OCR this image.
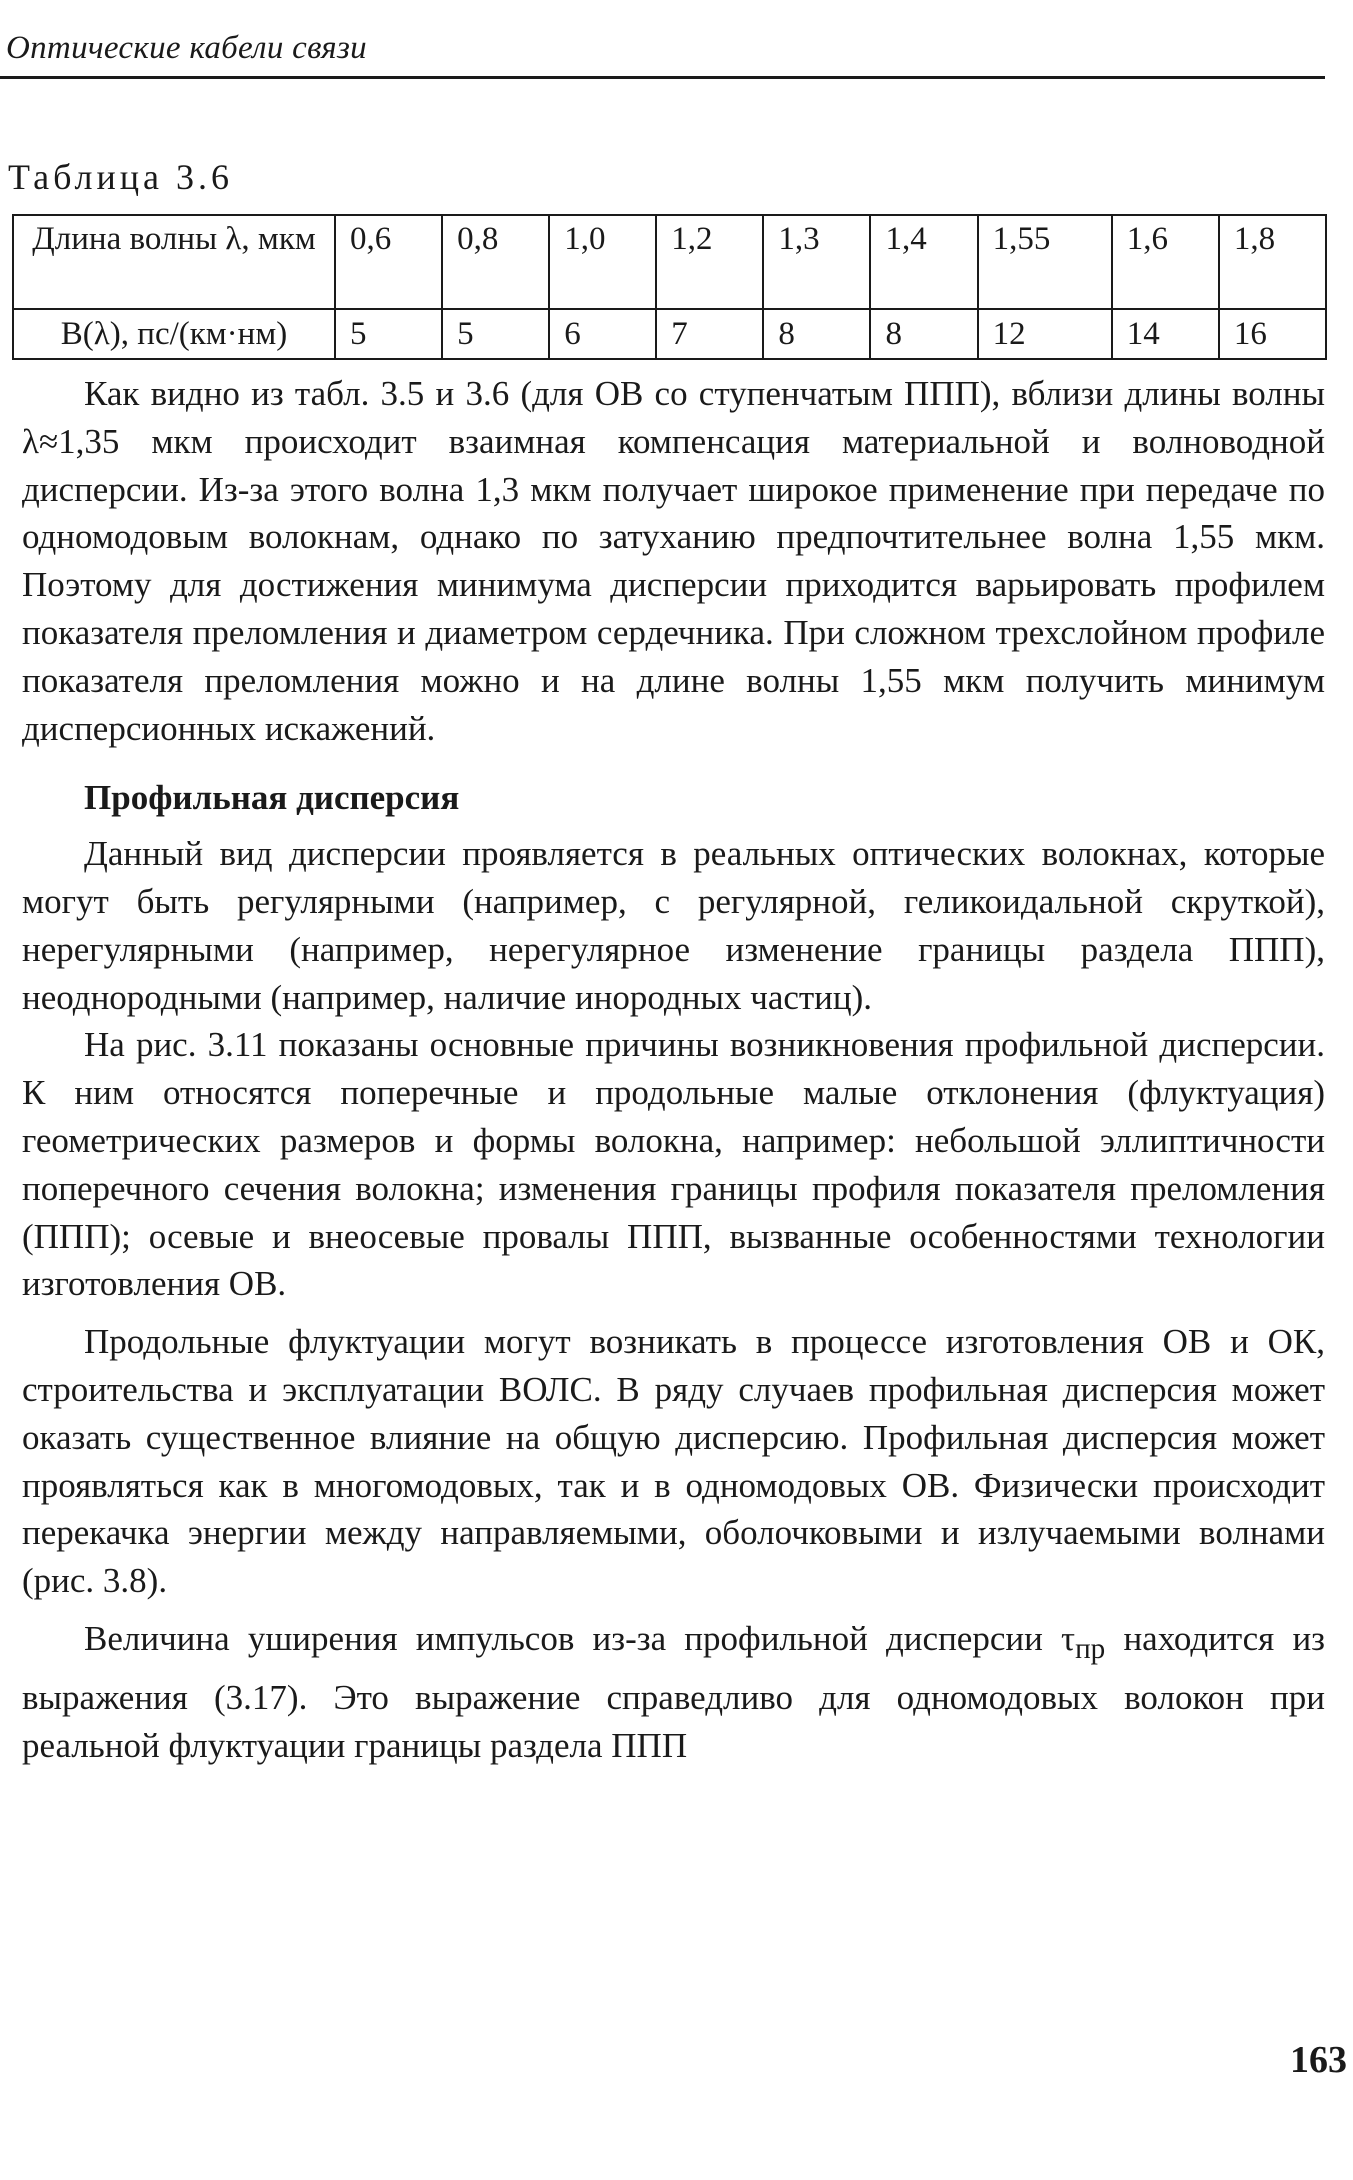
Оптические кабели связи
Таблица 3.6
Длина волны λ, мкм	0,6	0,8	1,0	1,2	1,3	1,4	1,55	1,6	1,8
B(λ), пс/(км·нм)	5	5	6	7	8	8	12	14	16

Как видно из табл. 3.5 и 3.6 (для ОВ со ступенчатым ППП), вблизи длины волны λ≈1,35 мкм происходит взаимная компенсация материальной и волноводной дисперсии. Из-за этого волна 1,3 мкм получает широкое применение при передаче по одномодовым волокнам, однако по затуханию предпочтительнее волна 1,55 мкм. Поэтому для достижения минимума дисперсии приходится варьировать профилем показателя преломления и диаметром сердечника. При сложном трехслойном профиле показателя преломления можно и на длине волны 1,55 мкм получить минимум дисперсионных искажений.

Профильная дисперсия

Данный вид дисперсии проявляется в реальных оптических волокнах, которые могут быть регулярными (например, с регулярной, геликоидальной скруткой), нерегулярными (например, нерегулярное изменение границы раздела ППП), неоднородными (например, наличие инородных частиц).

На рис. 3.11 показаны основные причины возникновения профильной дисперсии. К ним относятся поперечные и продольные малые отклонения (флуктуация) геометрических размеров и формы волокна, например: небольшой эллиптичности поперечного сечения волокна; изменения границы профиля показателя преломления (ППП); осевые и внеосевые провалы ППП, вызванные особенностями технологии изготовления ОВ.

Продольные флуктуации могут возникать в процессе изготовления ОВ и ОК, строительства и эксплуатации ВОЛС. В ряду случаев профильная дисперсия может оказать существенное влияние на общую дисперсию. Профильная дисперсия может проявляться как в многомодовых, так и в одномодовых ОВ. Физически происходит перекачка энергии между направляемыми, оболочковыми и излучаемыми волнами (рис. 3.8).

Величина уширения импульсов из-за профильной дисперсии $\tau_{пр}$ находится из выражения (3.17). Это выражение справедливо для одномодовых волокон при реальной флуктуации границы раздела ППП

163
